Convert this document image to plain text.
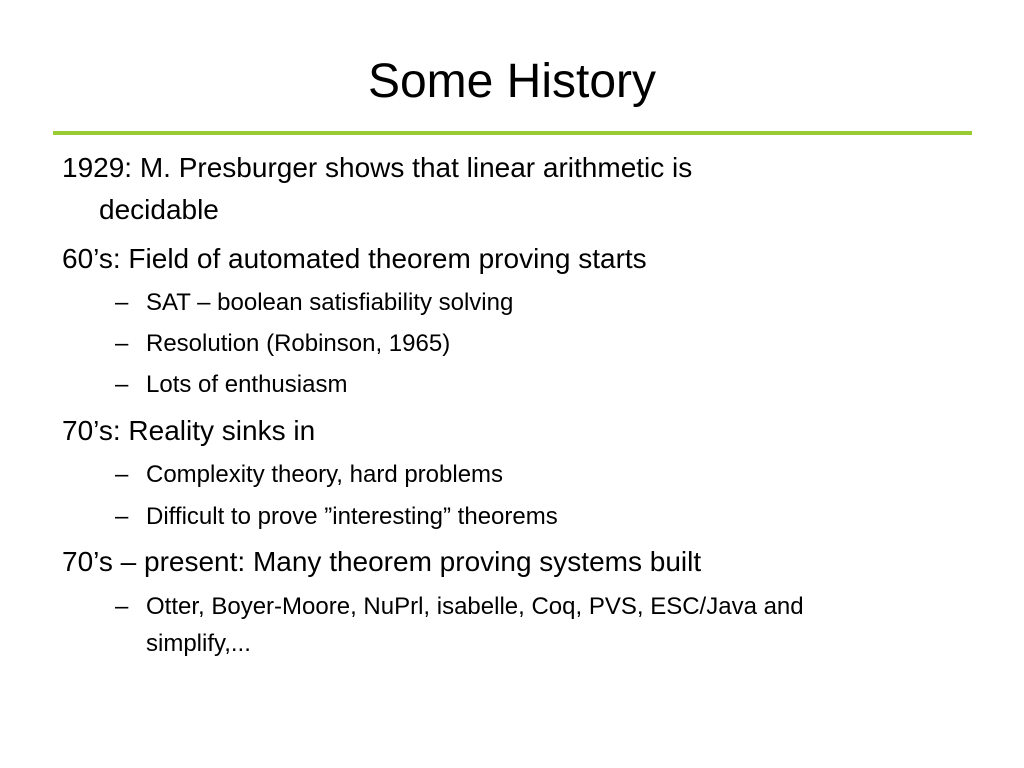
Some History
1929: M. Presburger shows that linear arithmetic is
decidable
60’s: Field of automated theorem proving starts
– SAT – boolean satisfiability solving
– Resolution (Robinson, 1965)
– Lots of enthusiasm
70’s: Reality sinks in
– Complexity theory, hard problems
– Difficult to prove ”interesting” theorems
70’s – present: Many theorem proving systems built
– Otter, Boyer-Moore, NuPrl, isabelle, Coq, PVS, ESC/Java and
simplify,...
